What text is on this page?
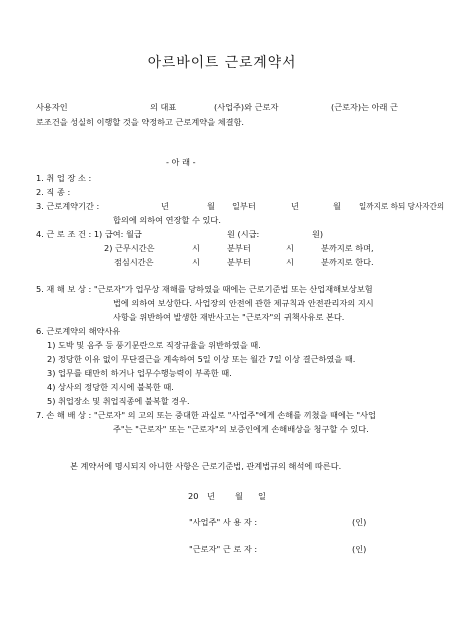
아르바이트 근로계약서
사용자인	의 대표	(사업주)와 근로자	(근로자)는 아래 근
로조건을 성실히 이행할 것을 약정하고 근로계약을 체결함.
- 아 래 -
1. 취 업 장 소 :
2. 직 종 :
3. 근로계약기간 :	년	월 일부터	년	월 일까지로 하되 당사자간의
합의에 의하여 연장할 수 있다.
4. 근 로 조 건 : 1) 급여: 월급	원 (시급:	원)
2) 근무시간은	시	분부터	시	분까지로 하며,
점심시간은	시	분부터	시	분까지로 한다.
5. 재 해 보 상 : "근로자"가 업무상 재해를 당하였을 때에는 근로기준법 또는 산업재해보상보험
법에 의하여 보상한다. 사업장의 안전에 관한 제규칙과 안전관리자의 지시
사항을 위반하여 발생한 재반사고는 "근로자"의 귀책사유로 본다.
6. 근로계약의 해약사유
1) 도박 및 음주 등 풍기문란으로 직장규율을 위반하였을 때.
2) 정당한 이유 없이 무단결근을 계속하여 5일 이상 또는 월간 7일 이상 결근하였을 때.
3) 업무를 태만히 하거나 업무수행능력이 부족한 때.
4) 상사의 정당한 지시에 불복한 때.
5) 취업장소 및 취업직종에 불복할 경우.
7. 손 해 배 상 : "근로자" 의 고의 또는 중대한 과실로 "사업주"에게 손해를 끼쳤을 때에는 "사업
주"는 "근로자" 또는 "근로자"의 보증인에게 손해배상을 청구할 수 있다.
본 계약서에 명시되지 아니한 사항은 근로기준법, 관계법규의 해석에 따른다.
20 년 월 일
"사업주" 사 용 자 :	(인)
"근로자" 근 로 자 :	(인)
